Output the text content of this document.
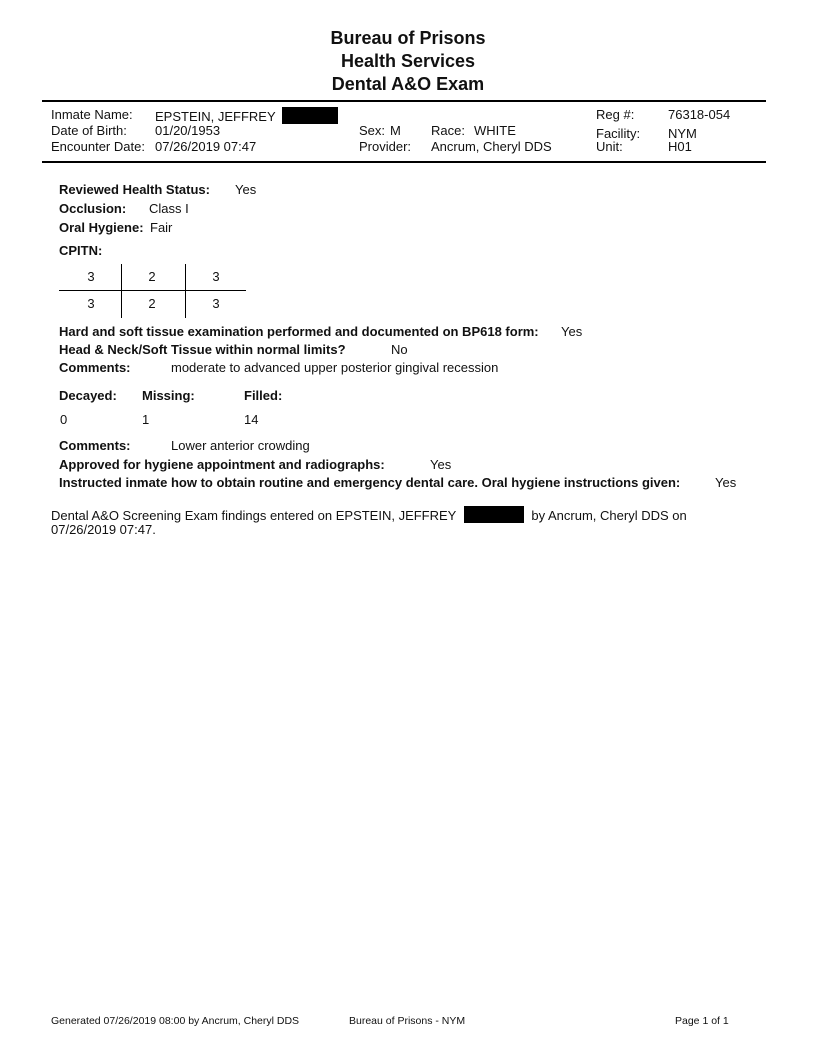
Bureau of Prisons
Health Services
Dental A&O Exam
Inmate Name: EPSTEIN, JEFFREY
Date of Birth: 01/20/1953
Encounter Date: 07/26/2019 07:47
Sex: M Race: WHITE
Provider: Ancrum, Cheryl DDS
Reg #:	76318-054
Facility: NYM
Unit:	H01
Reviewed Health Status: Yes
Occlusion: Class I
Oral Hygiene: Fair
CPITN:
3	2	3
3	2	3
Hard and soft tissue examination performed and documented on BP618 form: Yes
Head & Neck/Soft Tissue within normal limits?	No
Comments:	moderate to advanced upper posterior gingival recession
Decayed: Missing:	Filled:
0	1	14
Comments:	Lower anterior crowding
Approved for hygiene appointment and radiographs:	Yes
Instructed inmate how to obtain routine and emergency dental care. Oral hygiene instructions given:	Yes
Dental A&O Screening Exam findings entered on EPSTEIN, JEFFREY	by Ancrum, Cheryl DDS on
07/26/2019 07:47.
Generated 07/26/2019 08:00 by Ancrum, Cheryl DDS	Bureau of Prisons - NYM	Page 1 of 1
